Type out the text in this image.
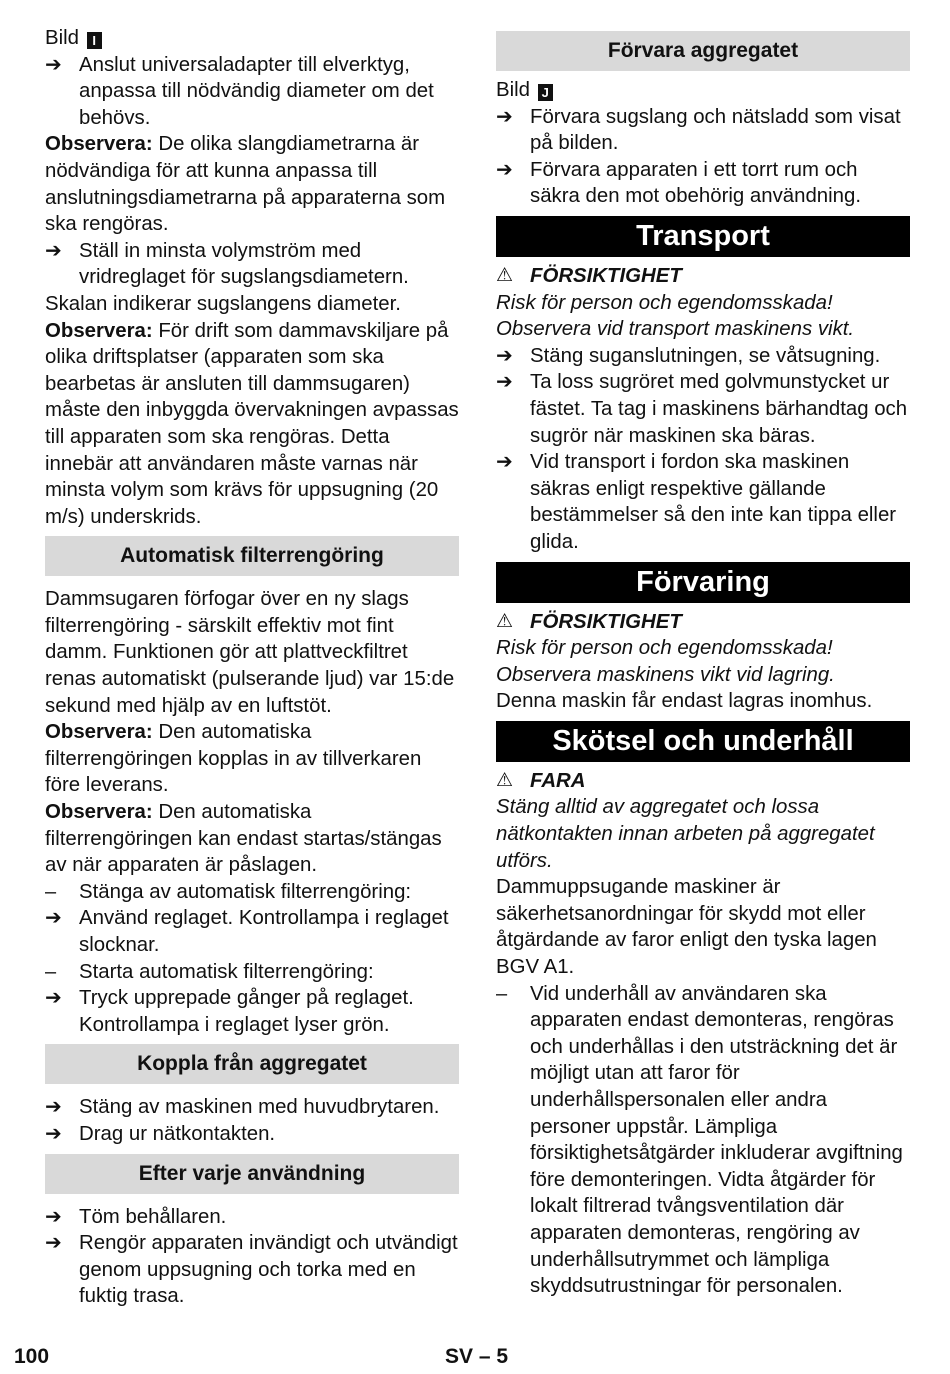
Bild I

➔ Anslut universaladapter till elverktyg, anpassa till nödvändig diameter om det behövs.

Observera: De olika slangdiametrarna är nödvändiga för att kunna anpassa till anslutningsdiametrarna på apparaterna som ska rengöras.

➔ Ställ in minsta volymström med vridreglaget för sugslangsdiametern.

Skalan indikerar sugslangens diameter.

Observera: För drift som dammavskiljare på olika driftsplatser (apparaten som ska bearbetas är ansluten till dammsugaren) måste den inbyggda övervakningen avpassas till apparaten som ska rengöras. Detta innebär att användaren måste varnas när minsta volym som krävs för uppsugning (20 m/s) underskrids.

Automatisk filterrengöring

Dammsugaren förfogar över en ny slags filterrengöring - särskilt effektiv mot fint damm. Funktionen gör att plattveckfiltret renas automatiskt (pulserande ljud) var 15:de sekund med hjälp av en luftstöt.

Observera: Den automatiska filterrengöringen kopplas in av tillverkaren före leverans.

Observera: Den automatiska filterrengöringen kan endast startas/stängas av när apparaten är påslagen.

–	Stänga av automatisk filterrengöring:
➔ Använd reglaget. Kontrollampa i reglaget slocknar.
–	Starta automatisk filterrengöring:
➔ Tryck upprepade gånger på reglaget. Kontrollampa i reglaget lyser grön.
Koppla från aggregatet
➔ Stäng av maskinen med huvudbrytaren.
➔ Drag ur nätkontakten.
Efter varje användning
➔ Töm behållaren.
➔ Rengör apparaten invändigt och utvändigt genom uppsugning och torka med en fuktig trasa.
Förvara aggregatet

Bild J

➔ Förvara sugslang och nätsladd som visat på bilden.
➔ Förvara apparaten i ett torrt rum och säkra den mot obehörig användning.
Transport
⚠ FÖRSIKTIGHET

Risk för person och egendomsskada! Observera vid transport maskinens vikt.

➔ Stäng suganslutningen, se våtsugning.
➔ Ta loss sugröret med golvmunstycket ur fästet. Ta tag i maskinens bärhandtag och sugrör när maskinen ska bäras.
➔ Vid transport i fordon ska maskinen säkras enligt respektive gällande bestämmelser så den inte kan tippa eller glida.
Förvaring
⚠ FÖRSIKTIGHET

Risk för person och egendomsskada! Observera maskinens vikt vid lagring.

Denna maskin får endast lagras inomhus.

Skötsel och underhåll
⚠ FARA

Stäng alltid av aggregatet och lossa nätkontakten innan arbeten på aggregatet utförs.

Dammuppsugande maskiner är säkerhetsanordningar för skydd mot eller åtgärdande av faror enligt den tyska lagen BGV A1.

–	Vid underhåll av användaren ska apparaten endast demonteras, rengöras och underhållas i den utsträckning det är möjligt utan att faror för underhållspersonalen eller andra personer uppstår. Lämpliga försiktighetsåtgärder inkluderar avgiftning före demonteringen. Vidta åtgärder för lokalt filtrerad tvångsventilation där apparaten demonteras, rengöring av underhållsutrymmet och lämpliga skyddsutrustningar för personalen.
100	SV – 5
